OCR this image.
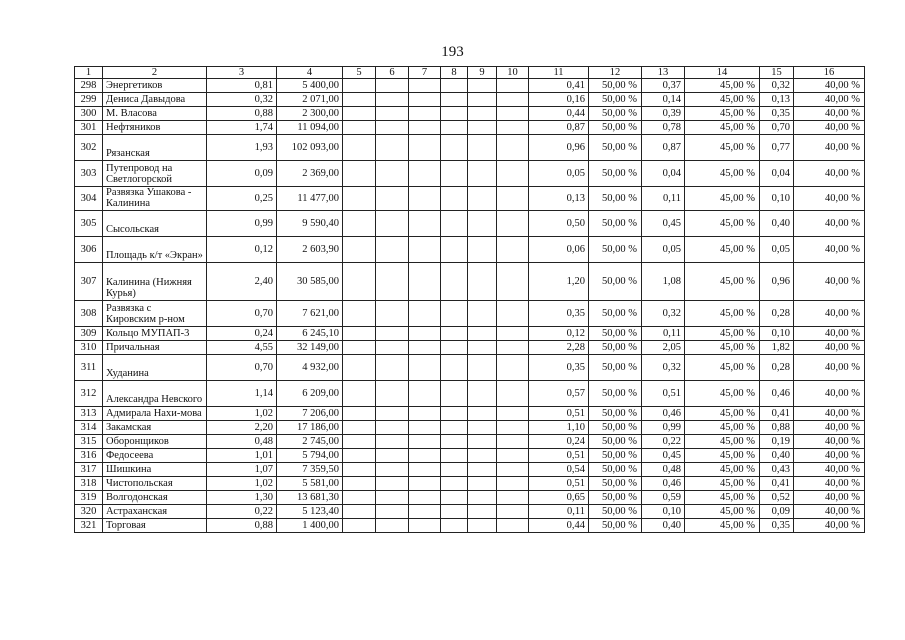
193
1	2	3	4	5	6	7	8	9	10	11	12	13	14	15	16
298	Энергетиков	0,81	5 400,00							0,41	50,00 %	0,37	45,00 %	0,32	40,00 %
299	Дениса Давыдова	0,32	2 071,00							0,16	50,00 %	0,14	45,00 %	0,13	40,00 %
300	М. Власова	0,88	2 300,00							0,44	50,00 %	0,39	45,00 %	0,35	40,00 %
301	Нефтяников	1,74	11 094,00							0,87	50,00 %	0,78	45,00 %	0,70	40,00 %
302	Рязанская	1,93	102 093,00							0,96	50,00 %	0,87	45,00 %	0,77	40,00 %
303	Путепровод на Светлогорской	0,09	2 369,00							0,05	50,00 %	0,04	45,00 %	0,04	40,00 %
304	Развязка Ушакова - Калинина	0,25	11 477,00							0,13	50,00 %	0,11	45,00 %	0,10	40,00 %
305	Сысольская	0,99	9 590,40							0,50	50,00 %	0,45	45,00 %	0,40	40,00 %
306	Площадь к/т «Экран»	0,12	2 603,90							0,06	50,00 %	0,05	45,00 %	0,05	40,00 %
307	Калинина (Нижняя Курья)	2,40	30 585,00							1,20	50,00 %	1,08	45,00 %	0,96	40,00 %
308	Развязка с Кировским р-ном	0,70	7 621,00							0,35	50,00 %	0,32	45,00 %	0,28	40,00 %
309	Кольцо МУПАП-3	0,24	6 245,10							0,12	50,00 %	0,11	45,00 %	0,10	40,00 %
310	Причальная	4,55	32 149,00							2,28	50,00 %	2,05	45,00 %	1,82	40,00 %
311	Худанина	0,70	4 932,00							0,35	50,00 %	0,32	45,00 %	0,28	40,00 %
312	Александра Невского	1,14	6 209,00							0,57	50,00 %	0,51	45,00 %	0,46	40,00 %
313	Адмирала Нахи-мова	1,02	7 206,00							0,51	50,00 %	0,46	45,00 %	0,41	40,00 %
314	Закамская	2,20	17 186,00							1,10	50,00 %	0,99	45,00 %	0,88	40,00 %
315	Оборонщиков	0,48	2 745,00							0,24	50,00 %	0,22	45,00 %	0,19	40,00 %
316	Федосеева	1,01	5 794,00							0,51	50,00 %	0,45	45,00 %	0,40	40,00 %
317	Шишкина	1,07	7 359,50							0,54	50,00 %	0,48	45,00 %	0,43	40,00 %
318	Чистопольская	1,02	5 581,00							0,51	50,00 %	0,46	45,00 %	0,41	40,00 %
319	Волгодонская	1,30	13 681,30							0,65	50,00 %	0,59	45,00 %	0,52	40,00 %
320	Астраханская	0,22	5 123,40							0,11	50,00 %	0,10	45,00 %	0,09	40,00 %
321	Торговая	0,88	1 400,00							0,44	50,00 %	0,40	45,00 %	0,35	40,00 %
